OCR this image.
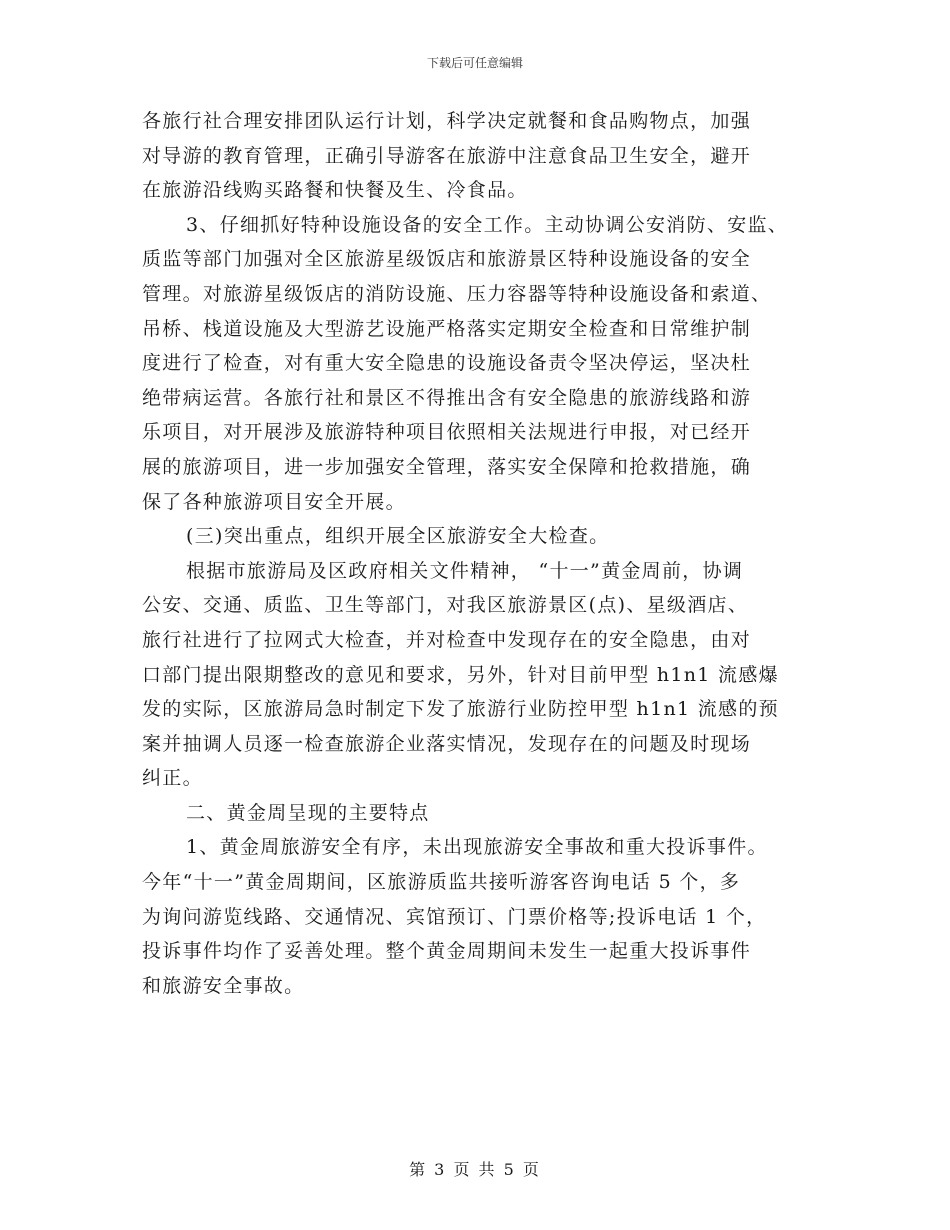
下载后可任意编辑
各旅行社合理安排团队运行计划，科学决定就餐和食品购物点，加强
对导游的教育管理，正确引导游客在旅游中注意食品卫生安全，避开
在旅游沿线购买路餐和快餐及生、冷食品。
3、仔细抓好特种设施设备的安全工作。主动协调公安消防、安监、
质监等部门加强对全区旅游星级饭店和旅游景区特种设施设备的安全
管理。对旅游星级饭店的消防设施、压力容器等特种设施设备和索道、
吊桥、栈道设施及大型游艺设施严格落实定期安全检查和日常维护制
度进行了检查，对有重大安全隐患的设施设备责令坚决停运，坚决杜
绝带病运营。各旅行社和景区不得推出含有安全隐患的旅游线路和游
乐项目，对开展涉及旅游特种项目依照相关法规进行申报，对已经开
展的旅游项目，进一步加强安全管理，落实安全保障和抢救措施，确
保了各种旅游项目安全开展。
(三)突出重点，组织开展全区旅游安全大检查。
根据市旅游局及区政府相关文件精神， “十一”黄金周前，协调
公安、交通、质监、卫生等部门，对我区旅游景区(点)、星级酒店、
旅行社进行了拉网式大检查，并对检查中发现存在的安全隐患，由对
口部门提出限期整改的意见和要求，另外，针对目前甲型 h1n1 流感爆
发的实际，区旅游局急时制定下发了旅游行业防控甲型 h1n1 流感的预
案并抽调人员逐一检查旅游企业落实情况，发现存在的问题及时现场
纠正。
二、黄金周呈现的主要特点
1、黄金周旅游安全有序，未出现旅游安全事故和重大投诉事件。
今年“十一”黄金周期间，区旅游质监共接听游客咨询电话 5 个，多
为询问游览线路、交通情况、宾馆预订、门票价格等;投诉电话 1 个，
投诉事件均作了妥善处理。整个黄金周期间未发生一起重大投诉事件
和旅游安全事故。
第 3 页 共 5 页
